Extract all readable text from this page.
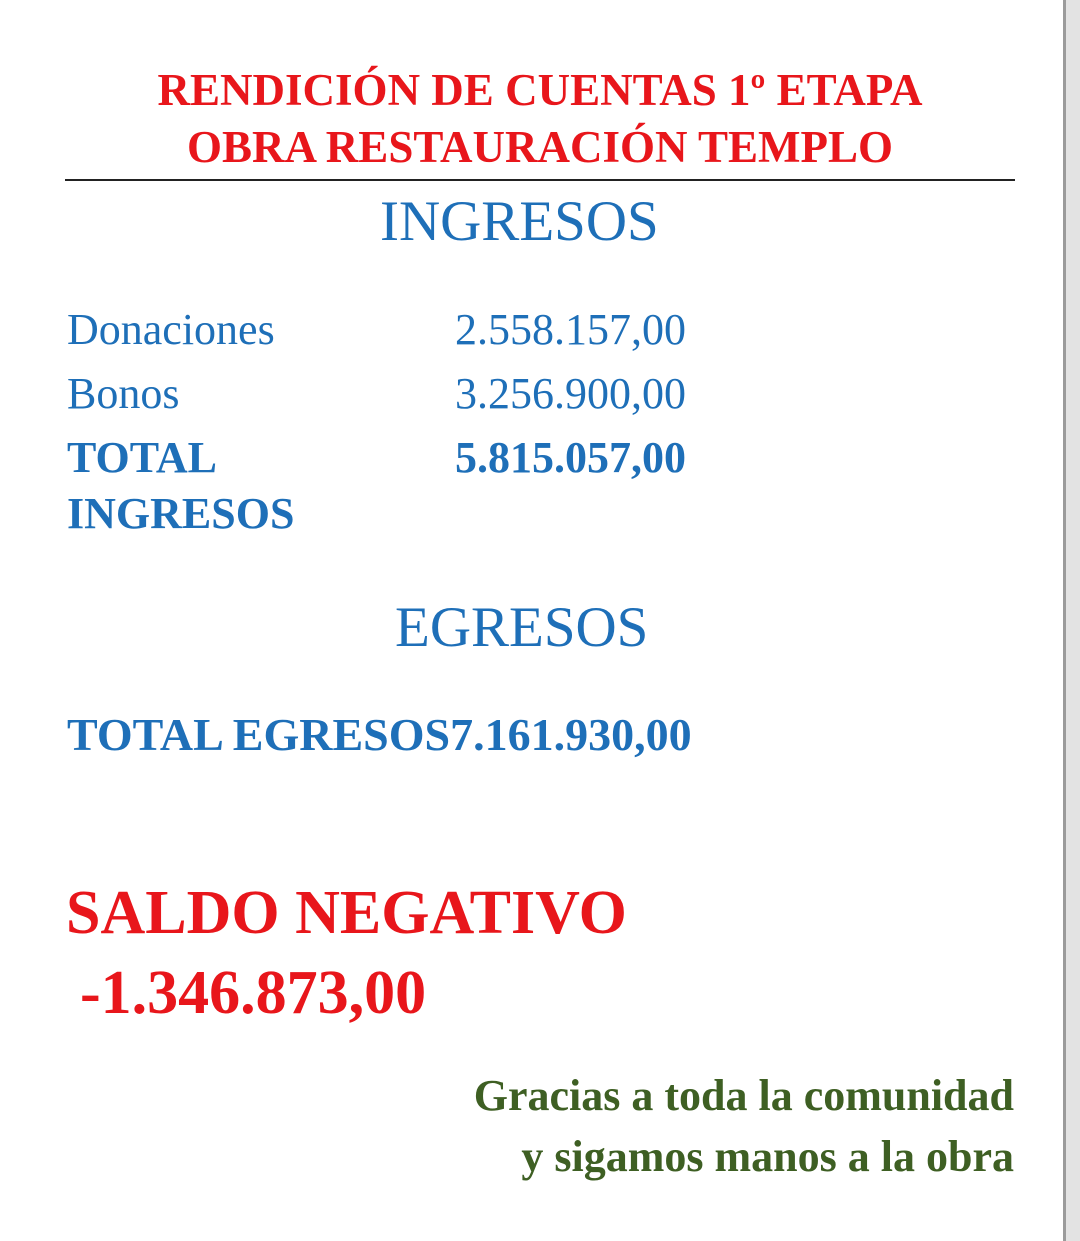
RENDICIÓN DE CUENTAS 1º ETAPA
OBRA RESTAURACIÓN TEMPLO
INGRESOS
Donaciones	2.558.157,00
Bonos	3.256.900,00
TOTAL INGRESOS
5.815.057,00
EGRESOS
TOTAL EGRESOS7.161.930,00
SALDO NEGATIVO
-1.346.873,00
Gracias a toda la comunidad
y sigamos manos a la obra
